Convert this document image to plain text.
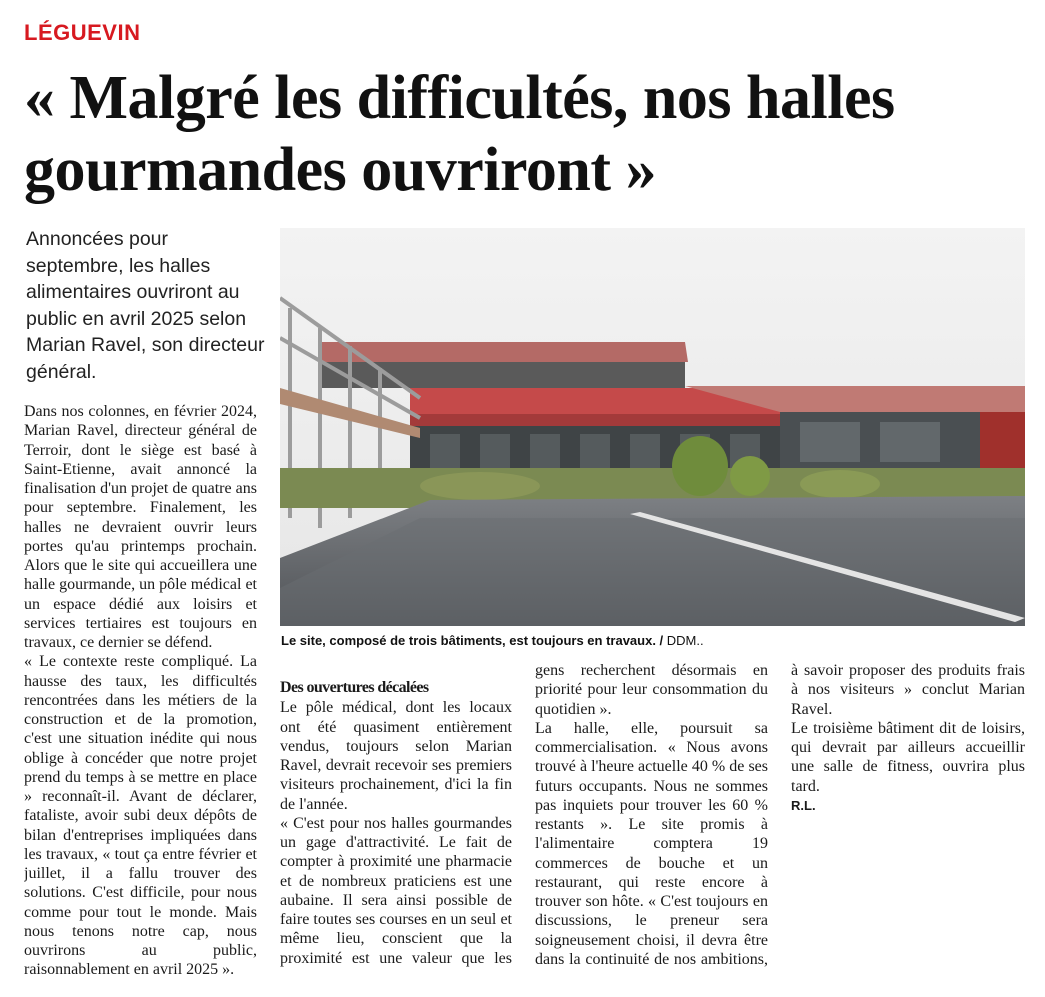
LÉGUEVIN
« Malgré les difficultés, nos halles gourmandes ouvriront »
Annoncées pour septembre, les halles alimentaires ouvriront au public en avril 2025 selon Marian Ravel, son directeur général.
Le site, composé de trois bâtiments, est toujours en travaux. / DDM..

Dans nos colonnes, en février 2024, Marian Ravel, directeur général de Terroir, dont le siège est basé à Saint-Etienne, avait annoncé la finalisation d'un projet de quatre ans pour septembre. Finalement, les halles ne devraient ouvrir leurs portes qu'au printemps prochain. Alors que le site qui accueillera une halle gourmande, un pôle médical et un espace dédié aux loisirs et services tertiaires est toujours en travaux, ce dernier se défend.

« Le contexte reste compliqué. La hausse des taux, les difficultés rencontrées dans les métiers de la construction et de la promotion, c'est une situation inédite qui nous oblige à concéder que notre projet prend du temps à se mettre en place » reconnaît-il. Avant de déclarer, fataliste, avoir subi deux dépôts de bilan d'entreprises impliquées dans les travaux, « tout ça entre février et juillet, il a fallu trouver des solutions. C'est difficile, pour nous comme pour tout le monde. Mais nous tenons notre cap, nous ouvrirons au public, raisonnablement en avril 2025 ».

Des ouvertures décalées

Le pôle médical, dont les locaux ont été quasiment entièrement vendus, toujours selon Marian Ravel, devrait recevoir ses premiers visiteurs prochainement, d'ici la fin de l'année.

« C'est pour nos halles gourmandes un gage d'attractivité. Le fait de compter à proximité une pharmacie et de nombreux praticiens est une aubaine. Il sera ainsi possible de faire toutes ses courses en un seul et même lieu, conscient que la proximité est une valeur que les

gens recherchent désormais en priorité pour leur consommation du quotidien ».

La halle, elle, poursuit sa commercialisation. « Nous avons trouvé à l'heure actuelle 40 % de ses futurs occupants. Nous ne sommes pas inquiets pour trouver les 60 % restants ». Le site promis à l'alimentaire comptera 19 commerces de bouche et un restaurant, qui reste encore à trouver son hôte. « C'est toujours en discussions, le preneur sera soigneusement choisi, il devra être dans la continuité de nos ambitions,

à savoir proposer des produits frais à nos visiteurs » conclut Marian Ravel.

Le troisième bâtiment dit de loisirs, qui devrait par ailleurs accueillir une salle de fitness, ouvrira plus tard.

R.L.
